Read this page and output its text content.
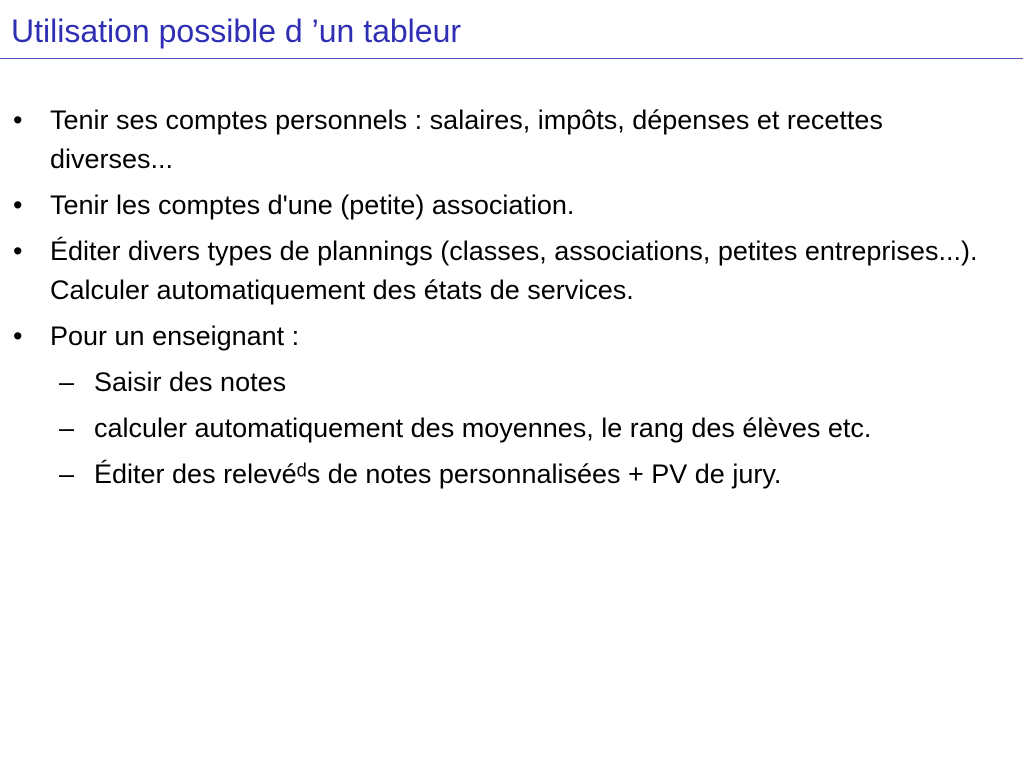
Utilisation possible d ’un tableur
•	Tenir ses comptes personnels : salaires, impôts, dépenses et recettes diverses...
•	Tenir les comptes d'une (petite) association.
•	Éditer divers types de plannings (classes, associations, petites entreprises...). Calculer automatiquement des états de services.
•	Pour un enseignant :
– Saisir des notes
– calculer automatiquement des moyennes, le rang des élèves etc.
– Éditer des relevéᵈs de notes personnalisées + PV de jury.
